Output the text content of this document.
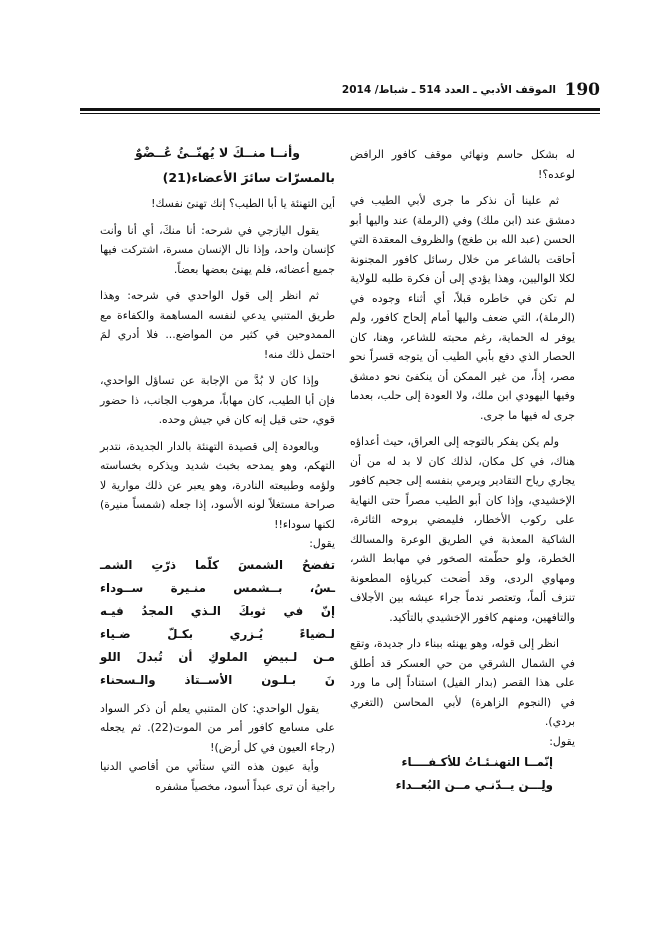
190
الموقف الأدبي ـ العدد 514 ـ شباط/ 2014

له بشكل حاسم ونهائي موقف كافور الرافض لوعده؟!

ثم علينا أن نذكر ما جرى لأبي الطيب في دمشق عند (ابن ملك) وفي (الرملة) عند واليها أبو الحسن (عبد الله بن طغج) والظروف المعقدة التي أحاقت بالشاعر من خلال رسائل كافور المجنونة لكلا الواليين، وهذا يؤدي إلى أن فكرة طلبه للولاية لم تكن في خاطره قبلاً، أي أثناء وجوده في (الرملة)، التي ضعف واليها أمام إلحاح كافور، ولم يوفر له الحماية، رغم محبته للشاعر، وهنا، كان الحصار الذي دفع بأبي الطيب أن يتوجه قسراً نحو مصر، إذاً، من غير الممكن أن ينكفئ نحو دمشق وفيها اليهودي ابن ملك، ولا العودة إلى حلب، بعدما جرى له فيها ما جرى.

ولم يكن يفكر بالتوجه إلى العراق، حيث أعداؤه هناك، في كل مكان، لذلك كان لا بد له من أن يجاري رياح التقادير ويرمي بنفسه إلى جحيم كافور الإخشيدي، وإذا كان أبو الطيب مصراً حتى النهاية على ركوب الأخطار، فليمضي بروحه الثائرة، الشاكية المعذبة في الطريق الوعرة والمسالك الخطرة، ولو حطّمته الصخور في مهابط الشر، ومهاوي الردى، وقد أضحت كبرياؤه المطعونة تنزف ألماً، وتعتصر ندماً جراء عيشه بين الأجلاف والتافهين، ومنهم كافور الإخشيدي بالتأكيد.

انظر إلى قوله، وهو يهنئه ببناء دار جديدة، وتقع في الشمال الشرقي من حي العسكر قد أطلق على هذا القصر (بدار الفيل) استناداً إلى ما ورد في (النجوم الزاهرة) لأبي المحاسن (التغري بردي).

يقول:

إنّمــا التهنـئـاتُ للأكـفــــاء

ولِـــن يــدّنـي مــن البُعــداء

وأنــا منــكَ لا يُهنّــئُ عُــضْوٌ
بالمسرّات سائرَ الأعضاء(21)

أين التهنئة يا أبا الطيب؟ إنك تهنئ نفسك!

يقول اليازجي في شرحه: أنا منكَ، أي أنا وأنت كإنسان واحد، وإذا نال الإنسان مسرة، اشتركت فيها جميع أعضائه، فلم يهنئ بعضها بعضاً.

ثم انظر إلى قول الواحدي في شرحه: وهذا طريق المتنبي يدعي لنفسه المساهمة والكفاءة مع الممدوحين في كثير من المواضع... فلا أدري لمَ احتمل ذلك منه!

وإذا كان لا بُدَّ من الإجابة عن تساؤل الواحدي، فإن أبا الطيب، كان مهاباً، مرهوب الجانب، ذا حضور قوي، حتى قيل إنه كان في جيش وحده.

وبالعودة إلى قصيدة التهنئة بالدار الجديدة، نتدبر التهكم، وهو يمدحه بخبث شديد ويذكره بخساسته ولؤمه وطبيعته النادرة، وهو يعبر عن ذلك موارية لا صراحة مستغلاً لونه الأسود، إذا جعله (شمساً منيرة) لكنها سوداء!!

يقول:

تفضحُ الشمسَ كلّما ذرّتِ الشمـ

ـسُ، بــشمس منـيرة ســوداء

إنّ في ثوبكَ الـذي المجدُ فيـه

لـضياءً يُـزري بكـلّ ضـياء

مـن لـبيضِ الملوكِ أن تُبدلَ اللو

نَ بـلـون الأســتاذ والـسحناء

يقول الواحدي: كان المتنبي يعلم أن ذكر السواد على مسامع كافور أمر من الموت(22). ثم يجعله (رجاء العيون في كل أرض)!

وأية عيون هذه التي ستأتي من أقاصي الدنيا راجية أن ترى عبداً أسود، مخصياً مشفره
